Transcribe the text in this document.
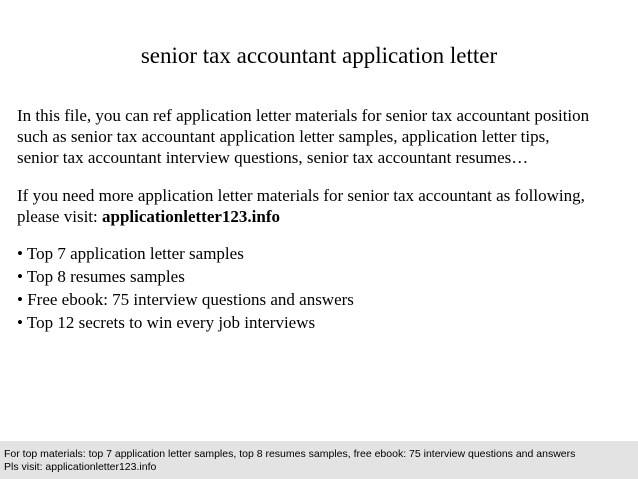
senior tax accountant application letter
In this file, you can ref application letter materials for senior tax accountant position
such as senior tax accountant application letter samples, application letter tips,
senior tax accountant interview questions, senior tax accountant resumes…
If you need more application letter materials for senior tax accountant as following,
please visit: applicationletter123.info
• Top 7 application letter samples
• Top 8 resumes samples
• Free ebook: 75 interview questions and answers
• Top 12 secrets to win every job interviews
For top materials: top 7 application letter samples, top 8 resumes samples, free ebook: 75 interview questions and answers
Pls visit: applicationletter123.info
